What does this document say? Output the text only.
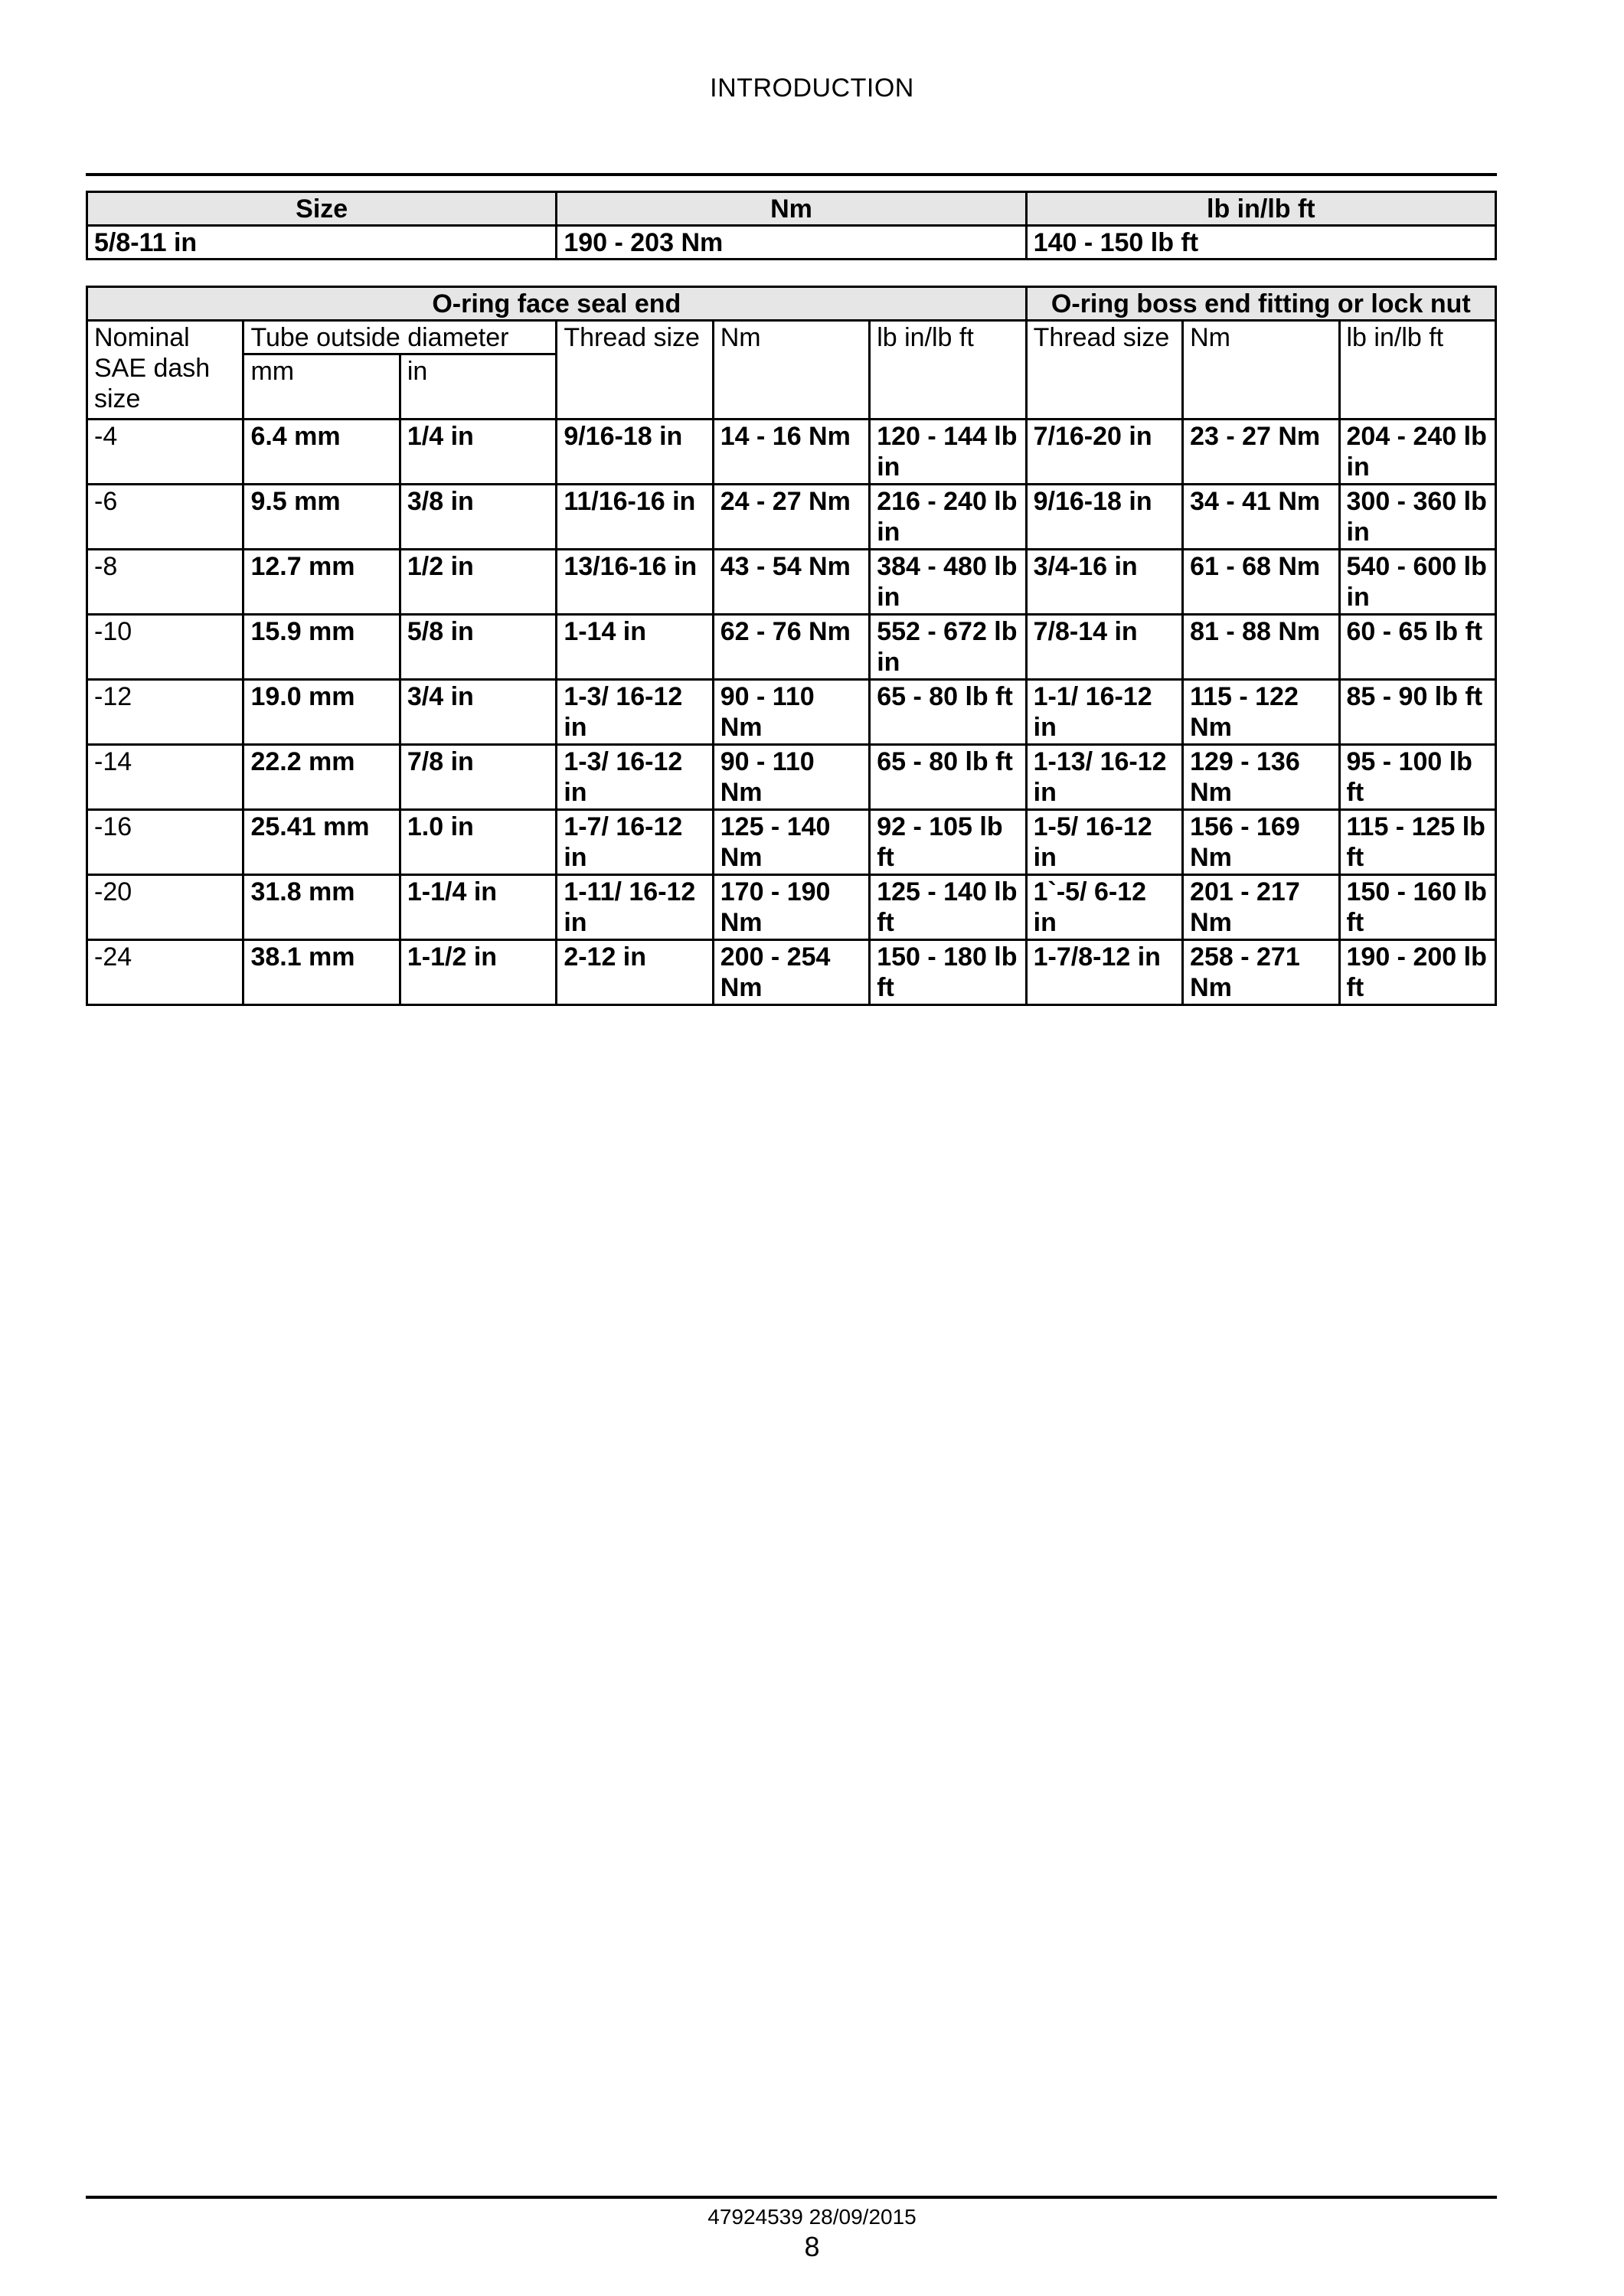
INTRODUCTION
Size	Nm	lb in/lb ft
5/8-11 in	190 - 203 Nm	140 - 150 lb ft
O-ring face seal end						O-ring boss end fitting or lock nut		
Nominal SAE dash size	Tube outside diameter		Thread size	Nm	lb in/lb ft	Thread size	Nm	lb in/lb ft
	mm	in						
-4	6.4 mm	1/4 in	9/16-18 in	14 - 16 Nm	120 - 144 lb in	7/16-20 in	23 - 27 Nm	204 - 240 lb in
-6	9.5 mm	3/8 in	11/16-16 in	24 - 27 Nm	216 - 240 lb in	9/16-18 in	34 - 41 Nm	300 - 360 lb in
-8	12.7 mm	1/2 in	13/16-16 in	43 - 54 Nm	384 - 480 lb in	3/4-16 in	61 - 68 Nm	540 - 600 lb in
-10	15.9 mm	5/8 in	1-14 in	62 - 76 Nm	552 - 672 lb in	7/8-14 in	81 - 88 Nm	60 - 65 lb ft
-12	19.0 mm	3/4 in	1-3/ 16-12 in	90 - 110 Nm	65 - 80 lb ft	1-1/ 16-12 in	115 - 122 Nm	85 - 90 lb ft
-14	22.2 mm	7/8 in	1-3/ 16-12 in	90 - 110 Nm	65 - 80 lb ft	1-13/ 16-12 in	129 - 136 Nm	95 - 100 lb ft
-16	25.41 mm	1.0 in	1-7/ 16-12 in	125 - 140 Nm	92 - 105 lb ft	1-5/ 16-12 in	156 - 169 Nm	115 - 125 lb ft
-20	31.8 mm	1-1/4 in	1-11/ 16-12 in	170 - 190 Nm	125 - 140 lb ft	1`-5/ 6-12 in	201 - 217 Nm	150 - 160 lb ft
-24	38.1 mm	1-1/2 in	2-12 in	200 - 254 Nm	150 - 180 lb ft	1-7/8-12 in	258 - 271 Nm	190 - 200 lb ft
47924539 28/09/2015
8
